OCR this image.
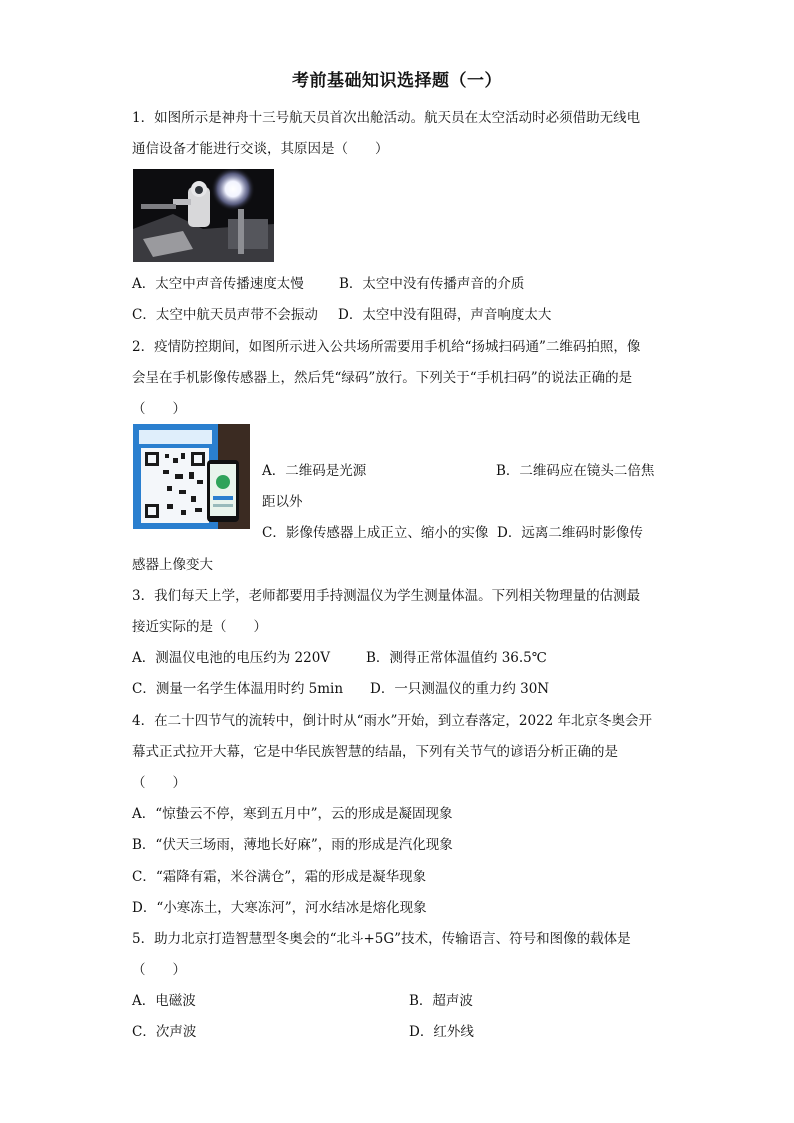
考前基础知识选择题（一）
1．如图所示是神舟十三号航天员首次出舱活动。航天员在太空活动时必须借助无线电
通信设备才能进行交谈，其原因是（　　）
A．太空中声音传播速度太慢	B．太空中没有传播声音的介质
C．太空中航天员声带不会振动 D．太空中没有阻碍，声音响度太大
2．疫情防控期间，如图所示进入公共场所需要用手机给“扬城扫码通”二维码拍照，像
会呈在手机影像传感器上，然后凭“绿码”放行。下列关于“手机扫码”的说法正确的是
（　　）
A．二维码是光源	B．二维码应在镜头二倍焦
距以外
C．影像传感器上成正立、缩小的实像 D．远离二维码时影像传
感器上像变大
3．我们每天上学，老师都要用手持测温仪为学生测量体温。下列相关物理量的估测最
接近实际的是（　　）
A．测温仪电池的电压约为 220V	B．测得正常体温值约 36.5℃
C．测量一名学生体温用时约 5min D．一只测温仪的重力约 30N
4．在二十四节气的流转中，倒计时从“雨水”开始，到立春落定，2022 年北京冬奥会开
幕式正式拉开大幕，它是中华民族智慧的结晶，下列有关节气的谚语分析正确的是
（　　）
A．“惊蛰云不停，寒到五月中”，云的形成是凝固现象
B．“伏天三场雨，薄地长好麻”，雨的形成是汽化现象
C．“霜降有霜，米谷满仓”，霜的形成是凝华现象
D．“小寒冻土，大寒冻河”，河水结冰是熔化现象
5．助力北京打造智慧型冬奥会的“北斗+5G”技术，传输语言、符号和图像的载体是
（　　）
A．电磁波	B．超声波
C．次声波	D．红外线
